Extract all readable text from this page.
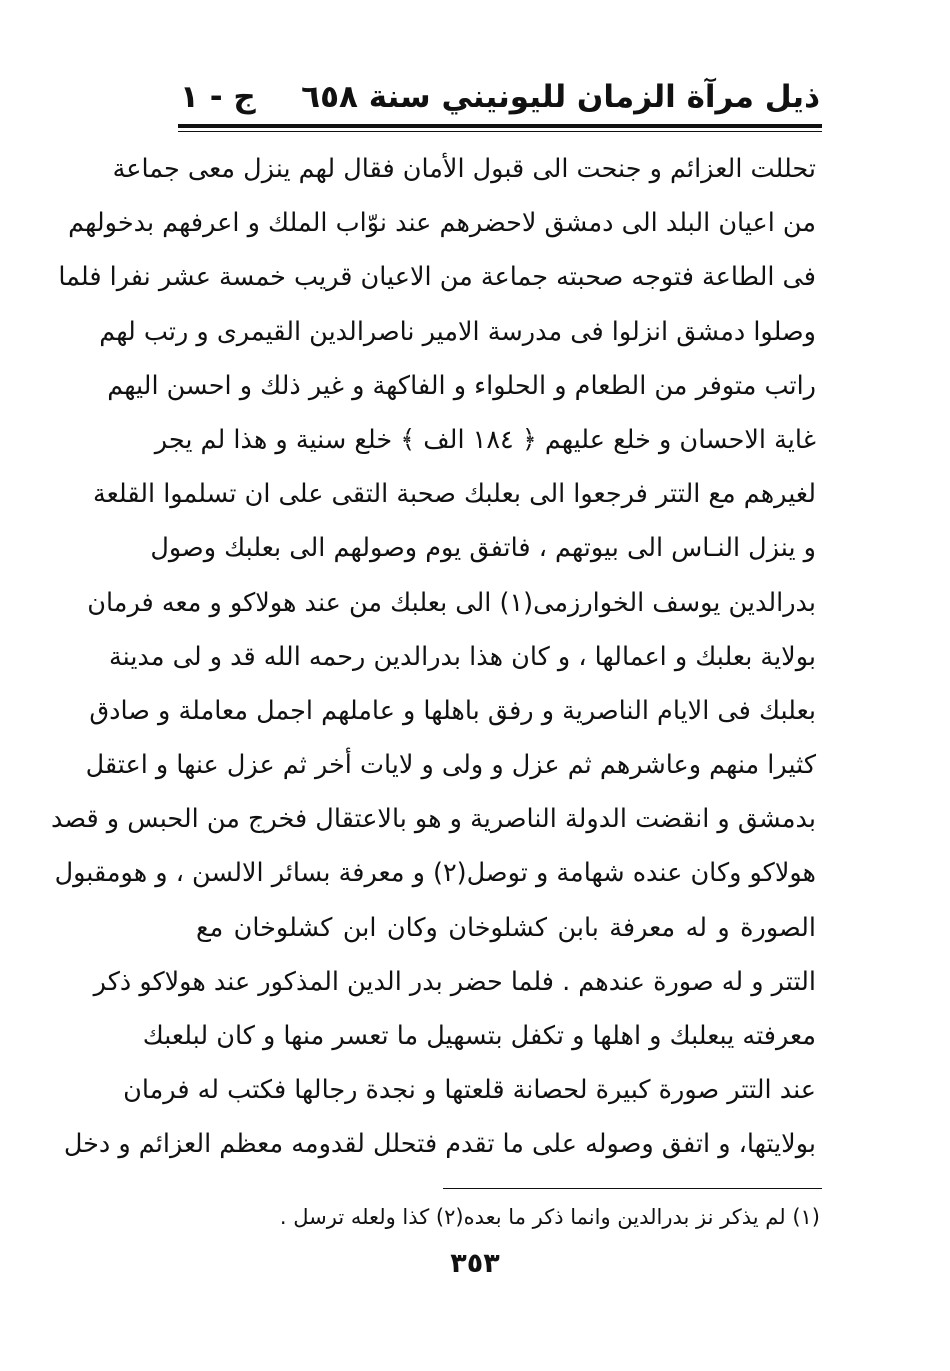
ذيل مرآة الزمان لليونيني سنة ٦٥٨
ج - ١
تحللت العزائم و جنحت الى قبول الأمان فقال لهم ينزل معى جماعة
من اعيان البلد الى دمشق لاحضرهم عند نوّاب الملك و اعرفهم بدخولهم
فى الطاعة فتوجه صحبته جماعة من الاعيان قريب خمسة عشر نفرا فلما
وصلوا دمشق انزلوا فى مدرسة الامير ناصرالدين القيمرى و رتب لهم
راتب متوفر من الطعام و الحلواء و الفاكهة و غير ذلك و احسن اليهم
غاية الاحسان و خلع عليهم ﴿ ١٨٤ الف ﴾ خلع سنية و هذا لم يجر
لغيرهم مع التتر فرجعوا الى بعلبك صحبة التقى على ان تسلموا القلعة
و ينزل النـاس الى بيوتهم ، فاتفق يوم وصولهم الى بعلبك وصول
بدرالدين يوسف الخوارزمى(١) الى بعلبك من عند هولاكو و معه فرمان
بولاية بعلبك و اعمالها ، و كان هذا بدرالدين رحمه الله قد و لى مدينة
بعلبك فى الايام الناصرية و رفق باهلها و عاملهم اجمل معاملة و صادق
كثيرا منهم وعاشرهم ثم عزل و ولى و لايات أخر ثم عزل عنها و اعتقل
بدمشق و انقضت الدولة الناصرية و هو بالاعتقال فخرج من الحبس و قصد
هولاكو وكان عنده شهامة و توصل(٢) و معرفة بسائر الالسن ، و هومقبول
الصورة و له معرفة بابن كشلوخان وكان ابن كشلوخان مع
التتر و له صورة عندهم . فلما حضر بدر الدين المذكور عند هولاكو ذكر
معرفته يبعلبك و اهلها و تكفل بتسهيل ما تعسر منها و كان لبلعبك
عند التتر صورة كبيرة لحصانة قلعتها و نجدة رجالها فكتب له فرمان
بولايتها، و اتفق وصوله على ما تقدم فتحلل لقدومه معظم العزائم و دخل
(١) لم يذكر نز بدرالدين وانما ذكر ما بعده(٢) كذا ولعله ترسل .
٣٥٣
